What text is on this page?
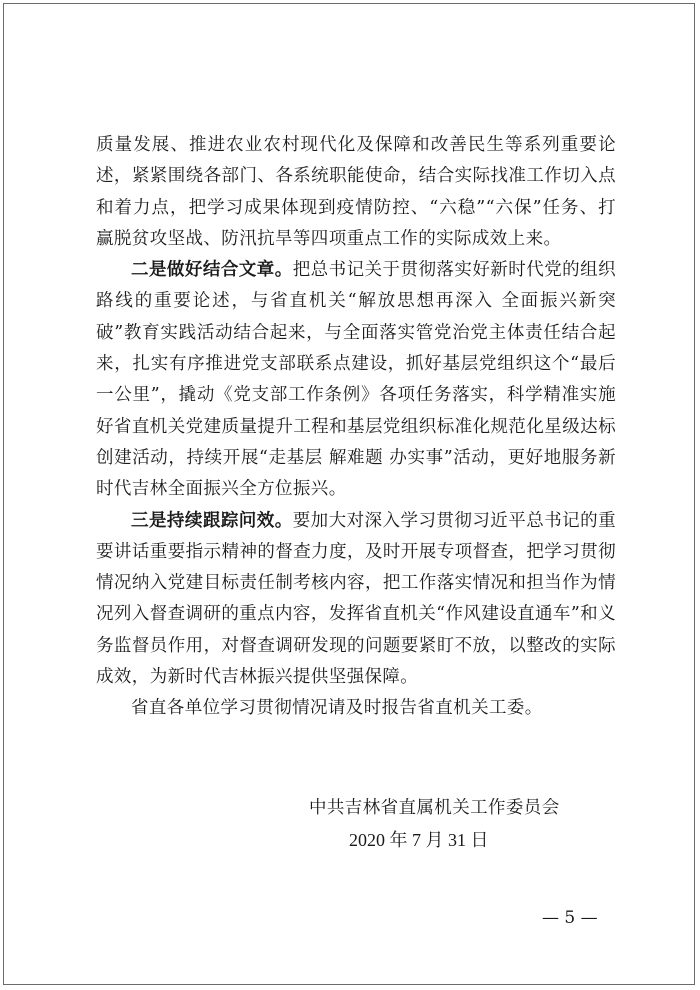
质量发展、推进农业农村现代化及保障和改善民生等系列重要论述，紧紧围绕各部门、各系统职能使命，结合实际找准工作切入点和着力点，把学习成果体现到疫情防控、“六稳”“六保”任务、打赢脱贫攻坚战、防汛抗旱等四项重点工作的实际成效上来。

二是做好结合文章。把总书记关于贯彻落实好新时代党的组织路线的重要论述，与省直机关“解放思想再深入 全面振兴新突破”教育实践活动结合起来，与全面落实管党治党主体责任结合起来，扎实有序推进党支部联系点建设，抓好基层党组织这个“最后一公里”，撬动《党支部工作条例》各项任务落实，科学精准实施好省直机关党建质量提升工程和基层党组织标准化规范化星级达标创建活动，持续开展“走基层 解难题 办实事”活动，更好地服务新时代吉林全面振兴全方位振兴。

三是持续跟踪问效。要加大对深入学习贯彻习近平总书记的重要讲话重要指示精神的督查力度，及时开展专项督查，把学习贯彻情况纳入党建目标责任制考核内容，把工作落实情况和担当作为情况列入督查调研的重点内容，发挥省直机关“作风建设直通车”和义务监督员作用，对督查调研发现的问题要紧盯不放，以整改的实际成效，为新时代吉林振兴提供坚强保障。

省直各单位学习贯彻情况请及时报告省直机关工委。

中共吉林省直属机关工作委员会
2020 年 7 月 31 日
— 5 —
